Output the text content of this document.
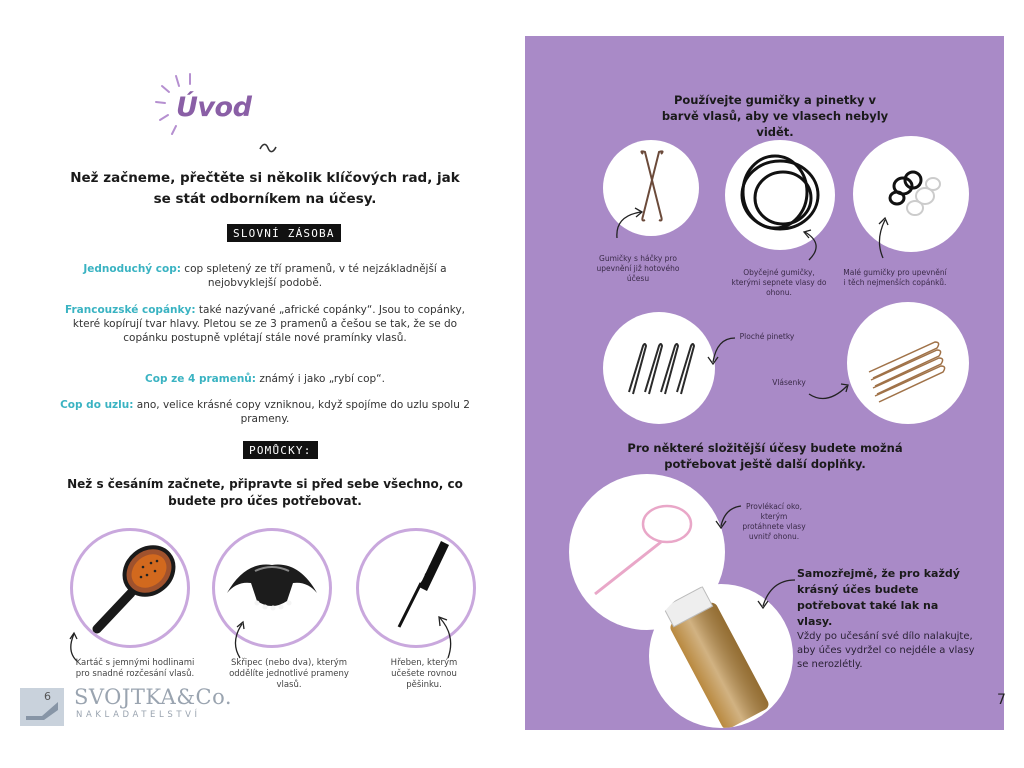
Úvod
Než začneme, přečtěte si několik klíčových rad, jak se stát odborníkem na účesy.
SLOVNÍ ZÁSOBA
Jednoduchý cop: cop spletený ze tří pramenů, v té nejzákladnější a nejobvyklejší podobě.
Francouzské copánky: také nazývané „africké copánky“. Jsou to copánky, které kopírují tvar hlavy. Pletou se ze 3 pramenů a češou se tak, že se do copánku postupně vplétají stále nové pramínky vlasů.
Cop ze 4 pramenů: známý i jako „rybí cop“.
Cop do uzlu: ano, velice krásné copy vzniknou, když spojíme do uzlu spolu 2 prameny.
POMŮCKY:
Než s česáním začnete, připravte si před sebe všechno, co budete pro účes potřebovat.
Kartáč s jemnými hodlinami pro snadné rozčesání vlasů.
Skřipec (nebo dva), kterým oddělíte jednotlivé prameny vlasů.
Hřeben, kterým učešete rovnou pěšinku.
6 SVOJTKA&Co.
NAKLADATELSTVÍ
Používejte gumičky a pinetky v barvě vlasů, aby ve vlasech nebyly vidět.
Gumičky s háčky pro upevnění již hotového účesu
Obyčejné gumičky, kterými sepnete vlasy do ohonu.
Malé gumičky pro upevnění i těch nejmenších copánků.
Ploché pinetky
Vlásenky
Pro některé složitější účesy budete možná potřebovat ještě další doplňky.
Provlékací oko, kterým protáhnete vlasy uvnitř ohonu.
Samozřejmě, že pro každý krásný účes budete potřebovat také lak na vlasy.
Vždy po učesání své dílo nalakujte, aby účes vydržel co nejdéle a vlasy se nerozlétly.
7
